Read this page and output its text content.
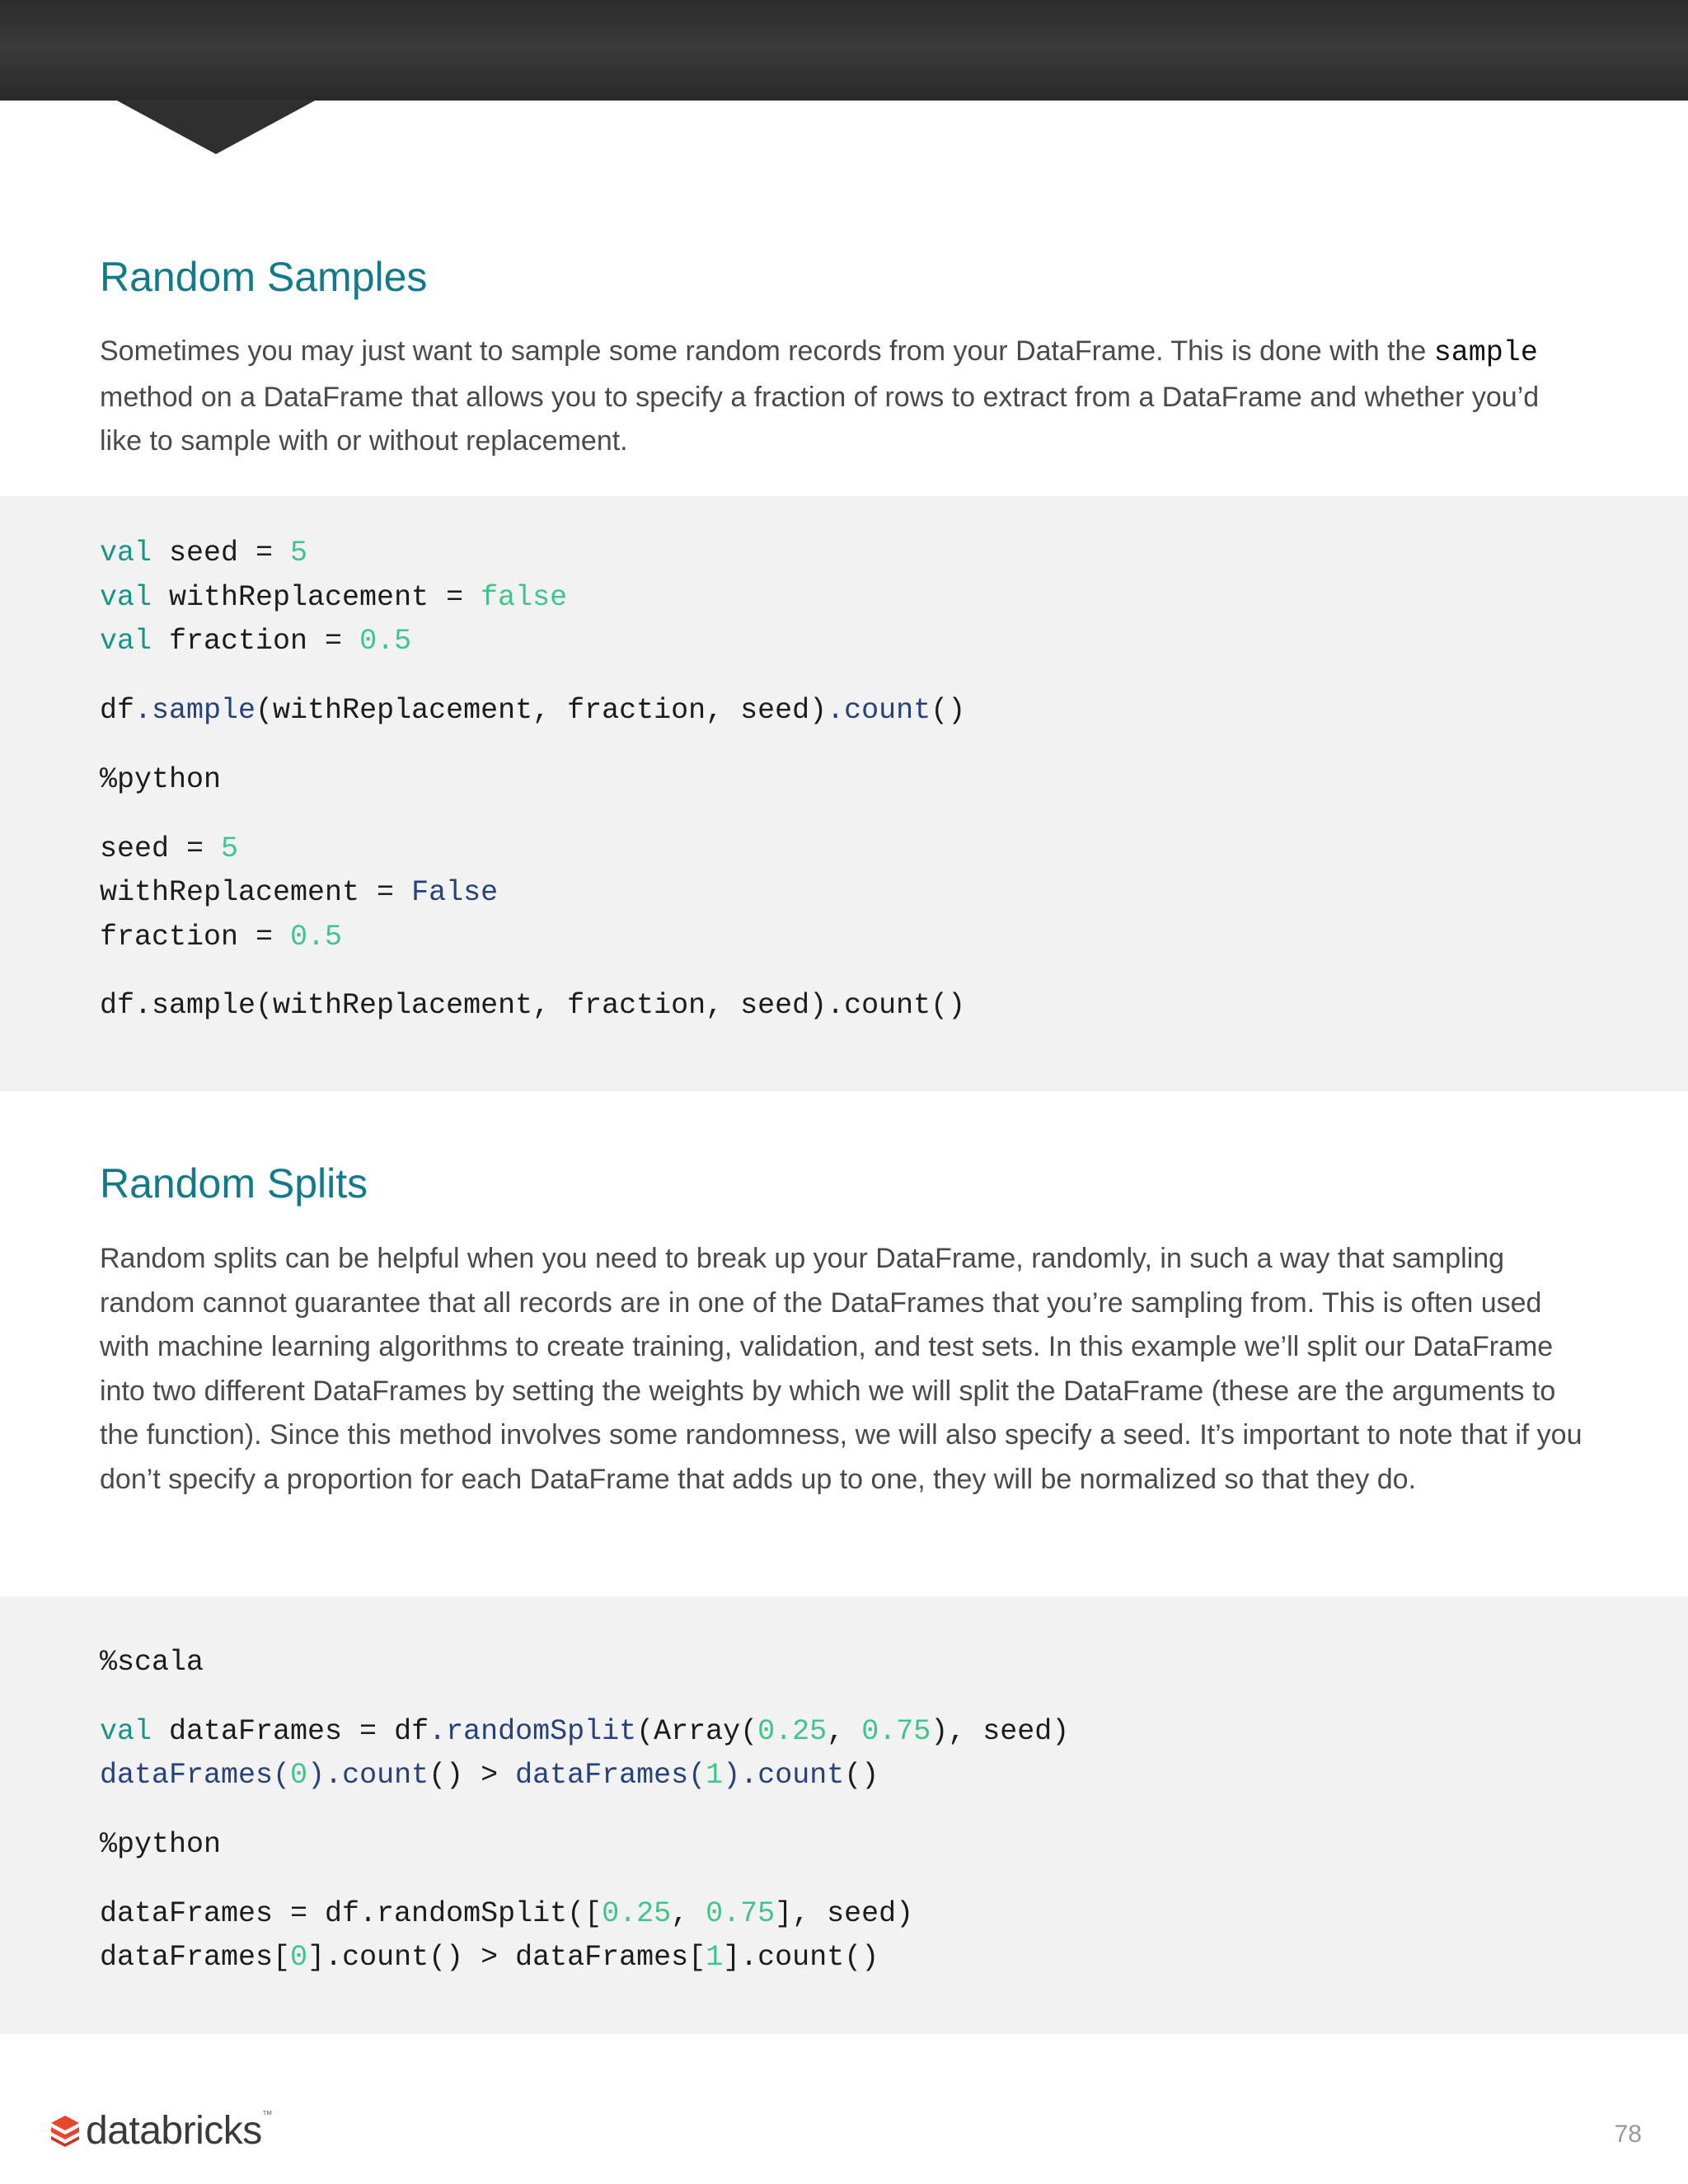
Random Samples

Sometimes you may just want to sample some random records from your DataFrame. This is done with the sample method on a DataFrame that allows you to specify a fraction of rows to extract from a DataFrame and whether you’d like to sample with or without replacement.

val seed = 5
val withReplacement = false
val fraction = 0.5
df.sample(withReplacement, fraction, seed).count()
%python
seed = 5
withReplacement = False
fraction = 0.5
df.sample(withReplacement, fraction, seed).count()
Random Splits

Random splits can be helpful when you need to break up your DataFrame, randomly, in such a way that sampling random cannot guarantee that all records are in one of the DataFrames that you’re sampling from. This is often used with machine learning algorithms to create training, validation, and test sets. In this example we’ll split our DataFrame into two different DataFrames by setting the weights by which we will split the DataFrame (these are the arguments to the function). Since this method involves some randomness, we will also specify a seed. It’s important to note that if you don’t specify a proportion for each DataFrame that adds up to one, they will be normalized so that they do.

%scala
val dataFrames = df.randomSplit(Array(0.25, 0.75), seed)
dataFrames(0).count() > dataFrames(1).count()
%python
dataFrames = df.randomSplit([0.25, 0.75], seed)
dataFrames[0].count() > dataFrames[1].count()
databricks™
78
